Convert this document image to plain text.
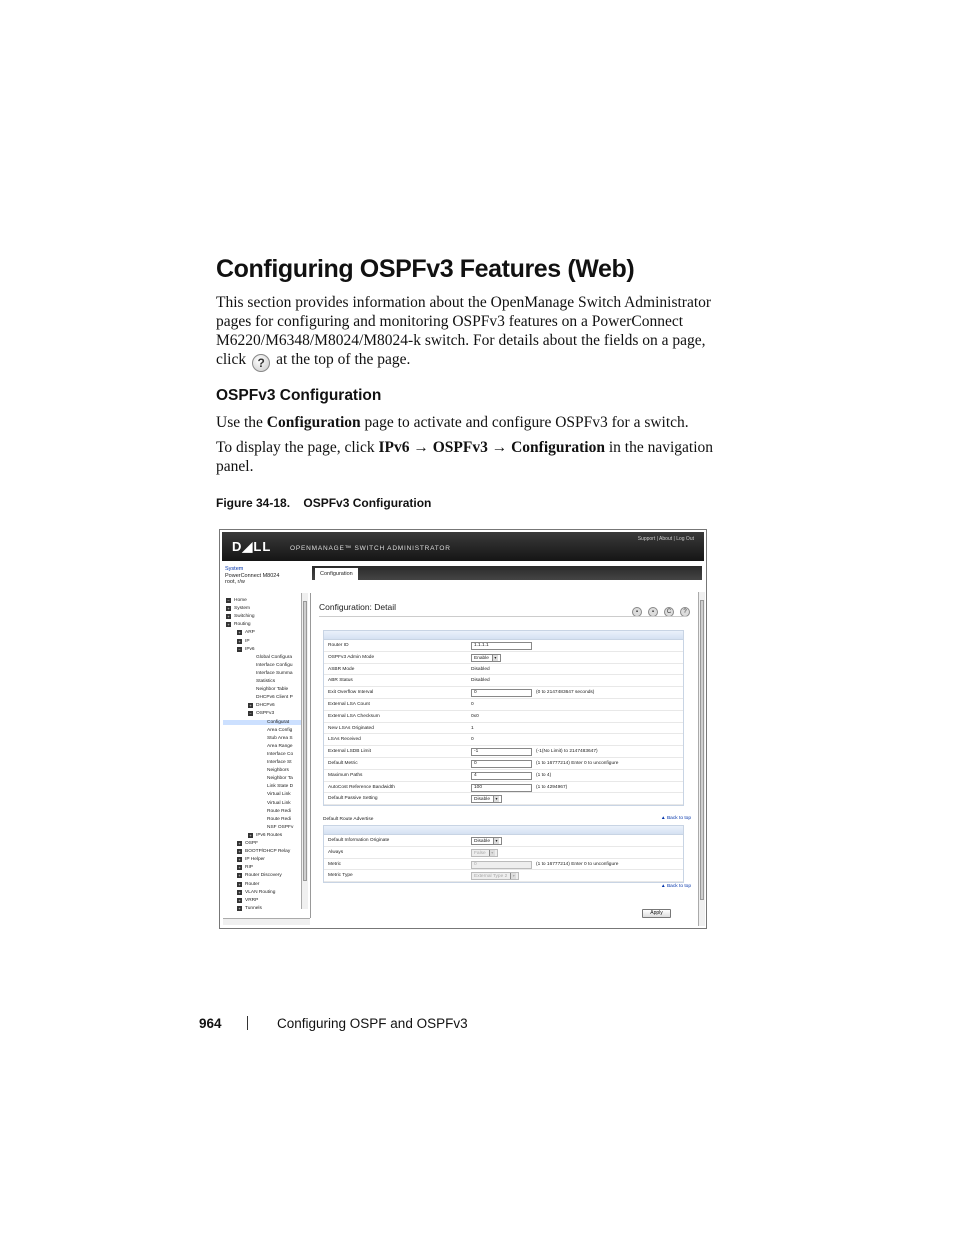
Configuring OSPFv3 Features (Web)

This section provides information about the OpenManage Switch Administrator pages for configuring and monitoring OSPFv3 features on a PowerConnect M6220/M6348/M8024/M8024-k switch. For details about the fields on a page, click ? at the top of the page.

OSPFv3 Configuration

Use the Configuration page to activate and configure OSPFv3 for a switch.

To display the page, click IPv6 → OSPFv3 → Configuration in the navigation panel.

Figure 34-18.    OSPFv3 Configuration

D◢LL	OPENMANAGE™ SWITCH ADMINISTRATOR
Support | About | Log Out
System
PowerConnect M8024
root, r/w
− Home
+ System
+ Switching
+ Routing
+ ARP
+ IP
− IPv6
Global Configura
Interface Configu
Interface Summa
Statistics
Neighbor Table
DHCPv6 Client P
+ DHCPv6
− OSPFv3
Configurat
Area Config
Stub Area S
Area Range
Interface Co
Interface St
Neighbors
Neighbor Ta
Link State D
Virtual Link
Virtual Link
Route Redi
Route Redi
NSF OSPFv
+ IPv6 Routes
+ OSPF
+ BOOTP/DHCP Relay
+ IP Helper
+ RIP
+ Router Discovery
+ Router
+ VLAN Routing
+ VRRP
+ Tunnels
Configuration
Configuration: Detail	▪ ▪ C ?
Router ID	1.1.1.1
OSPFv3 Admin Mode	Enable ▾
ASBR Mode	Disabled
ABR Status	Disabled
Exit Overflow Interval	0	(0 to 2147483647 seconds)
External LSA Count	0
External LSA Checksum	0x0
New LSAs Originated	1
LSAs Received	0
External LSDB Limit	-1	(-1(No Limit) to 2147483647)
Default Metric	0	(1 to 16777214) Enter 0 to unconfigure
Maximum Paths	4	(1 to 4)
AutoCost Reference Bandwidth	100	(1 to 4294967)
Default Passive Setting	Disable ▾
Default Route Advertise	▲ Back to top
Default Information Originate	Disable ▾
Always	False ▾
Metric	0	(1 to 16777214) Enter 0 to unconfigure
Metric Type	External Type 2 ▾
▲ Back to top
Apply
964	Configuring OSPF and OSPFv3
